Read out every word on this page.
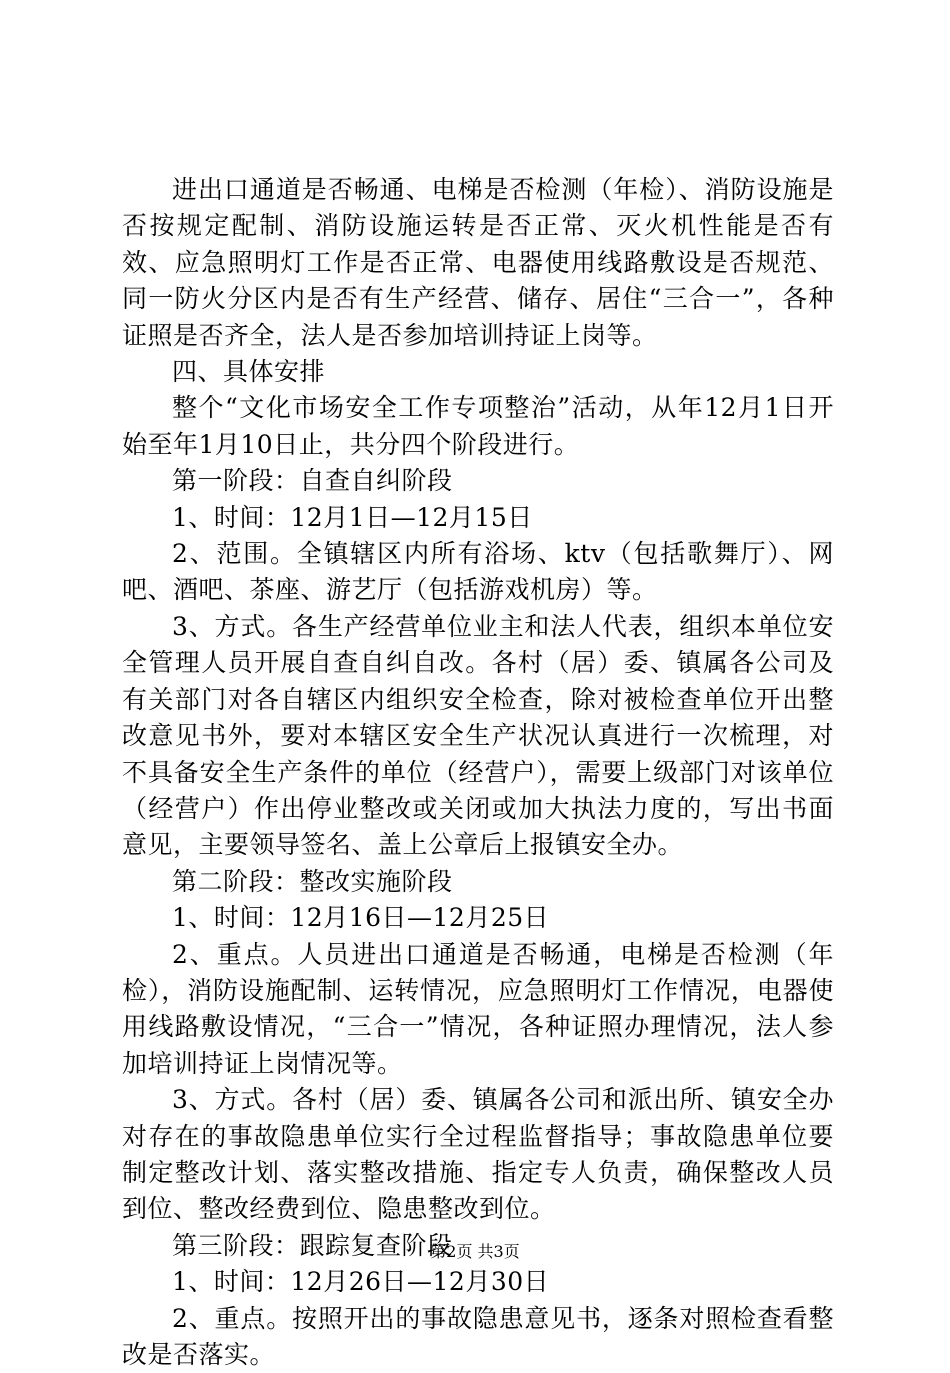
进出口通道是否畅通、电梯是否检测（年检）、消防设施是否按规定配制、消防设施运转是否正常、灭火机性能是否有效、应急照明灯工作是否正常、电器使用线路敷设是否规范、同一防火分区内是否有生产经营、储存、居住“三合一”，各种证照是否齐全，法人是否参加培训持证上岗等。

四、具体安排

整个“文化市场安全工作专项整治”活动，从年12月1日开始至年1月10日止，共分四个阶段进行。

第一阶段：自查自纠阶段

1、时间：12月1日—12月15日

2、范围。全镇辖区内所有浴场、ktv（包括歌舞厅）、网吧、酒吧、茶座、游艺厅（包括游戏机房）等。

3、方式。各生产经营单位业主和法人代表，组织本单位安全管理人员开展自查自纠自改。各村（居）委、镇属各公司及有关部门对各自辖区内组织安全检查，除对被检查单位开出整改意见书外，要对本辖区安全生产状况认真进行一次梳理，对不具备安全生产条件的单位（经营户），需要上级部门对该单位（经营户）作出停业整改或关闭或加大执法力度的，写出书面意见，主要领导签名、盖上公章后上报镇安全办。

第二阶段：整改实施阶段

1、时间：12月16日—12月25日

2、重点。人员进出口通道是否畅通，电梯是否检测（年检），消防设施配制、运转情况，应急照明灯工作情况，电器使用线路敷设情况，“三合一”情况，各种证照办理情况，法人参加培训持证上岗情况等。

3、方式。各村（居）委、镇属各公司和派出所、镇安全办对存在的事故隐患单位实行全过程监督指导；事故隐患单位要制定整改计划、落实整改措施、指定专人负责，确保整改人员到位、整改经费到位、隐患整改到位。

第三阶段：跟踪复查阶段

1、时间：12月26日—12月30日

2、重点。按照开出的事故隐患意见书，逐条对照检查看整改是否落实。

第2页 共3页
